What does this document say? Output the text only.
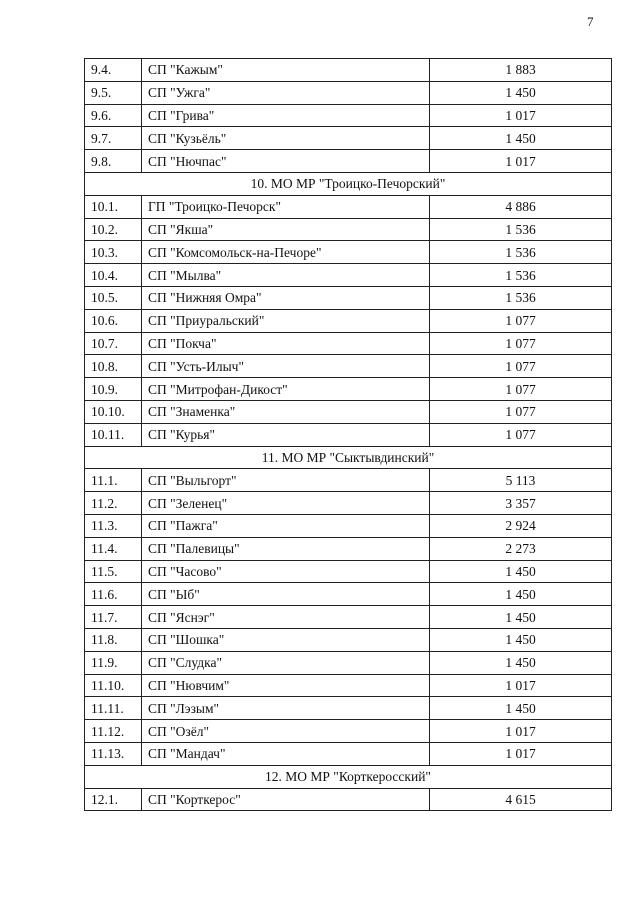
7
9.4.	СП "Кажым"	1 883
9.5.	СП "Ужга"	1 450
9.6.	СП "Грива"	1 017
9.7.	СП "Кузьёль"	1 450
9.8.	СП "Нючпас"	1 017
10. МО МР "Троицко-Печорский"		
10.1.	ГП "Троицко-Печорск"	4 886
10.2.	СП "Якша"	1 536
10.3.	СП "Комсомольск-на-Печоре"	1 536
10.4.	СП "Мылва"	1 536
10.5.	СП "Нижняя Омра"	1 536
10.6.	СП "Приуральский"	1 077
10.7.	СП "Покча"	1 077
10.8.	СП "Усть-Илыч"	1 077
10.9.	СП "Митрофан-Дикост"	1 077
10.10.	СП "Знаменка"	1 077
10.11.	СП "Курья"	1 077
11. МО МР "Сыктывдинский"		
11.1.	СП "Выльгорт"	5 113
11.2.	СП "Зеленец"	3 357
11.3.	СП "Пажга"	2 924
11.4.	СП "Палевицы"	2 273
11.5.	СП "Часово"	1 450
11.6.	СП "Ыб"	1 450
11.7.	СП "Яснэг"	1 450
11.8.	СП "Шошка"	1 450
11.9.	СП "Слудка"	1 450
11.10.	СП "Нювчим"	1 017
11.11.	СП "Лэзым"	1 450
11.12.	СП "Озёл"	1 017
11.13.	СП "Мандач"	1 017
12. МО МР "Корткеросский"		
12.1.	СП "Корткерос"	4 615
